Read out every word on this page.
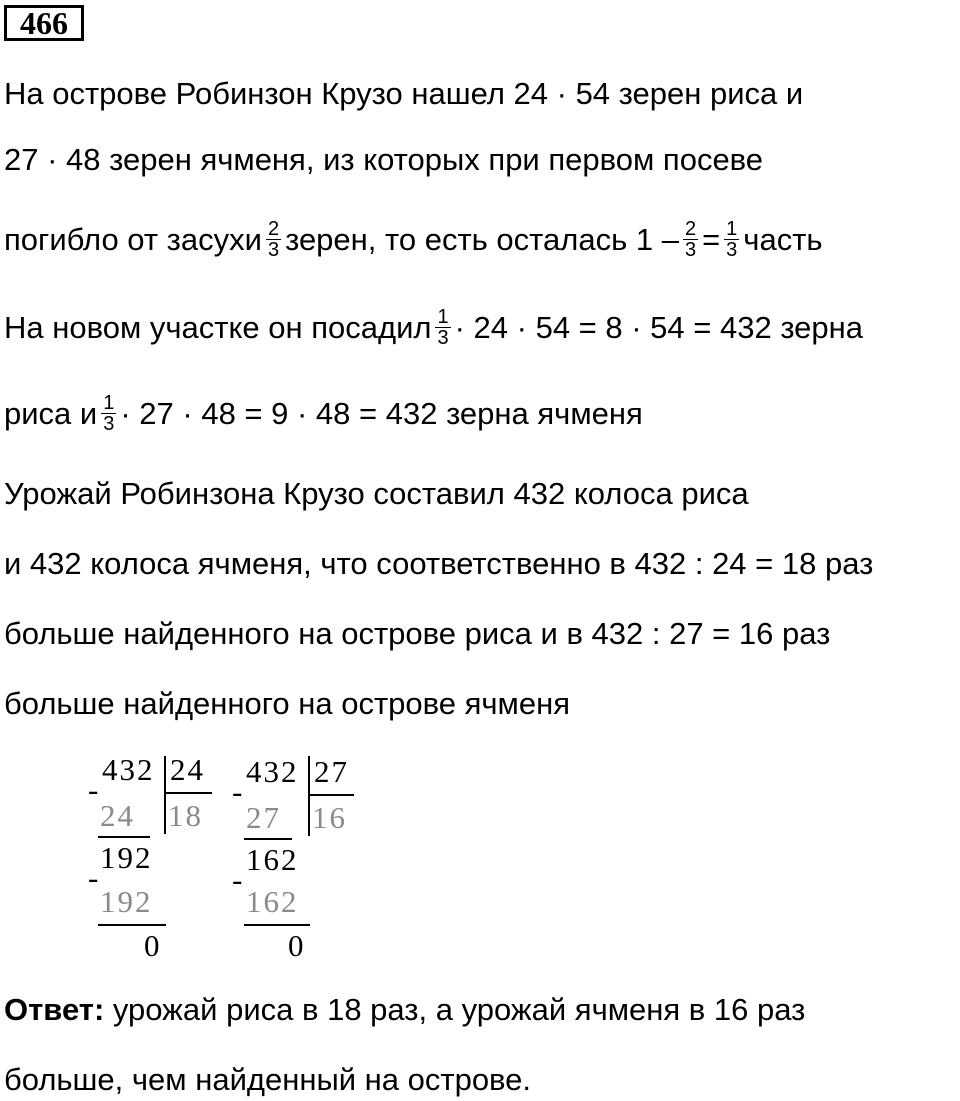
466
На острове Робинзон Крузо нашел 24 · 54 зерен риса и
27 · 48 зерен ячменя, из которых при первом посеве
погибло от засухи $\frac{2}{3}$ зерен, то есть осталась $1 - \frac{2}{3} = \frac{1}{3}$ часть
На новом участке он посадил $\frac{1}{3} \cdot 24 \cdot 54 = 8 \cdot 54 = 432$ зерна
риса и $\frac{1}{3} \cdot 27 \cdot 48 = 9 \cdot 48 = 432$ зерна ячменя
Урожай Робинзона Крузо составил 432 колоса риса
и 432 колоса ячменя, что соответственно в 432 : 24 = 18 раз
больше найденного на острове риса и в 432 : 27 = 16 раз
больше найденного на острове ячменя
-
432 24
24 18
192
-
192
0
-
432 27
27 16
162
-
162
0
Ответ: урожай риса в 18 раз, а урожай ячменя в 16 раз
больше, чем найденный на острове.
